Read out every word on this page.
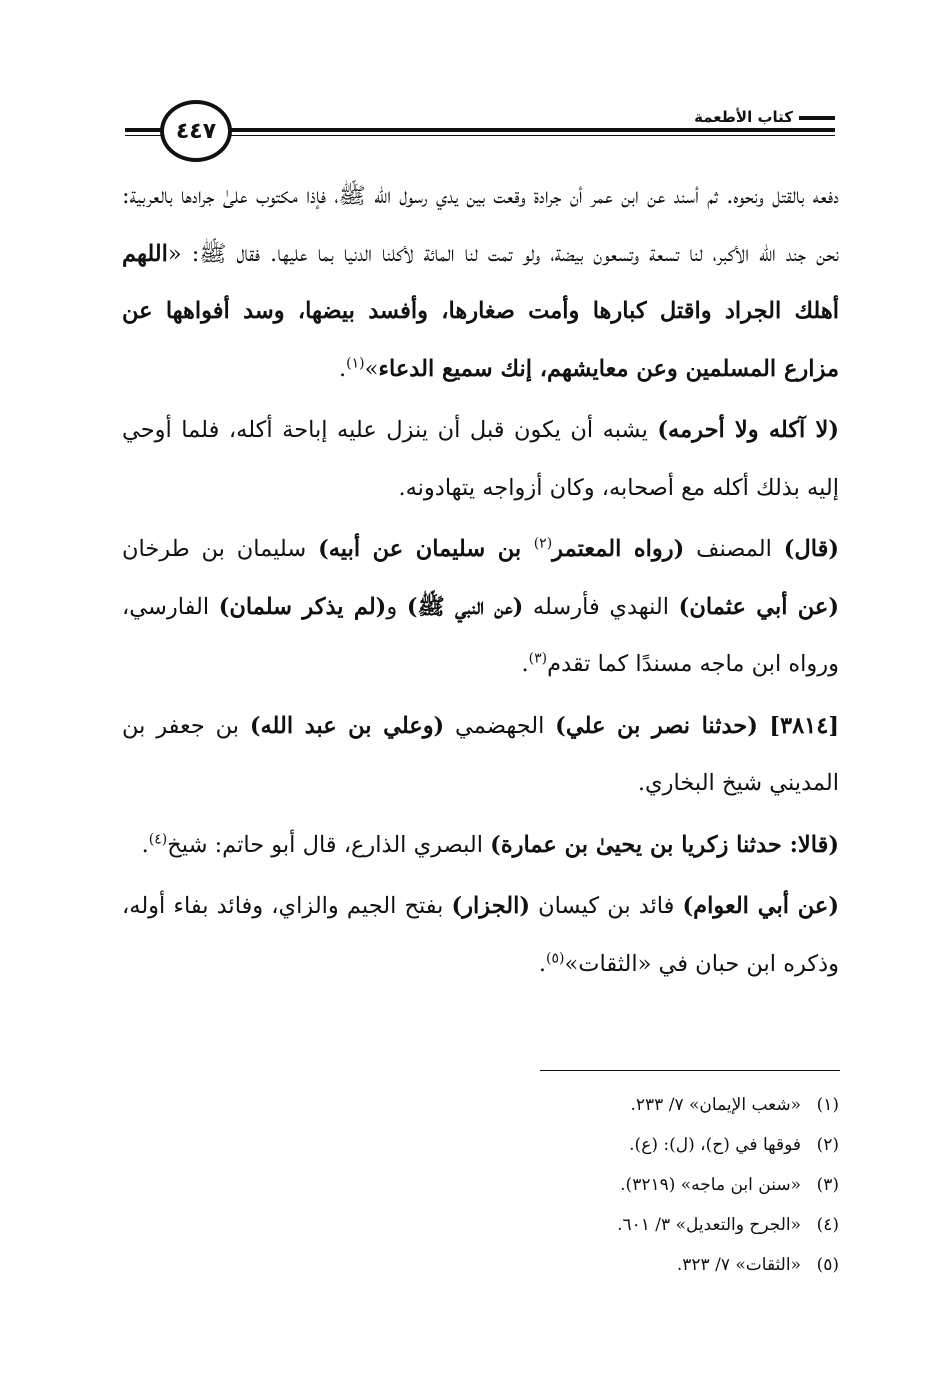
٤٤٧
كتاب الأطعمة

دفعه بالقتل ونحوه. ثم أسند عن ابن عمر أن جرادة وقعت بين يدي رسول الله ﷺ، فإذا مكتوب علىٰ جرادها بالعربية: نحن جند الله الأكبر، لنا تسعة وتسعون بيضة، ولو تمت لنا المائة لأكلنا الدنيا بما عليها. فقال ﷺ: «اللهم أهلك الجراد واقتل كبارها وأمت صغارها، وأفسد بيضها، وسد أفواهها عن مزارع المسلمين وعن معايشهم، إنك سميع الدعاء»$^{(١)}$.

(لا آكله ولا أحرمه) يشبه أن يكون قبل أن ينزل عليه إباحة أكله، فلما أوحي إليه بذلك أكله مع أصحابه، وكان أزواجه يتهادونه.

(قال) المصنف (رواه المعتمر$^{(٢)}$ بن سليمان عن أبيه) سليمان بن طرخان (عن أبي عثمان) النهدي فأرسله (عن النبي ﷺ) و(لم يذكر سلمان) الفارسي، ورواه ابن ماجه مسندًا كما تقدم$^{(٣)}$.

[٣٨١٤] (حدثنا نصر بن علي) الجهضمي (وعلي بن عبد الله) بن جعفر بن المديني شيخ البخاري.

(قالا: حدثنا زكريا بن يحيىٰ بن عمارة) البصري الذارع، قال أبو حاتم: شيخ$^{(٤)}$.

(عن أبي العوام) فائد بن كيسان (الجزار) بفتح الجيم والزاي، وفائد بفاء أوله، وذكره ابن حبان في «الثقات»$^{(٥)}$.

(١)«شعب الإيمان» ٧/ ٢٣٣.
(٢)فوقها في (ح)، (ل): (ع).
(٣)«سنن ابن ماجه» (٣٢١٩).
(٤)«الجرح والتعديل» ٣/ ٦٠١.
(٥)«الثقات» ٧/ ٣٢٣.
